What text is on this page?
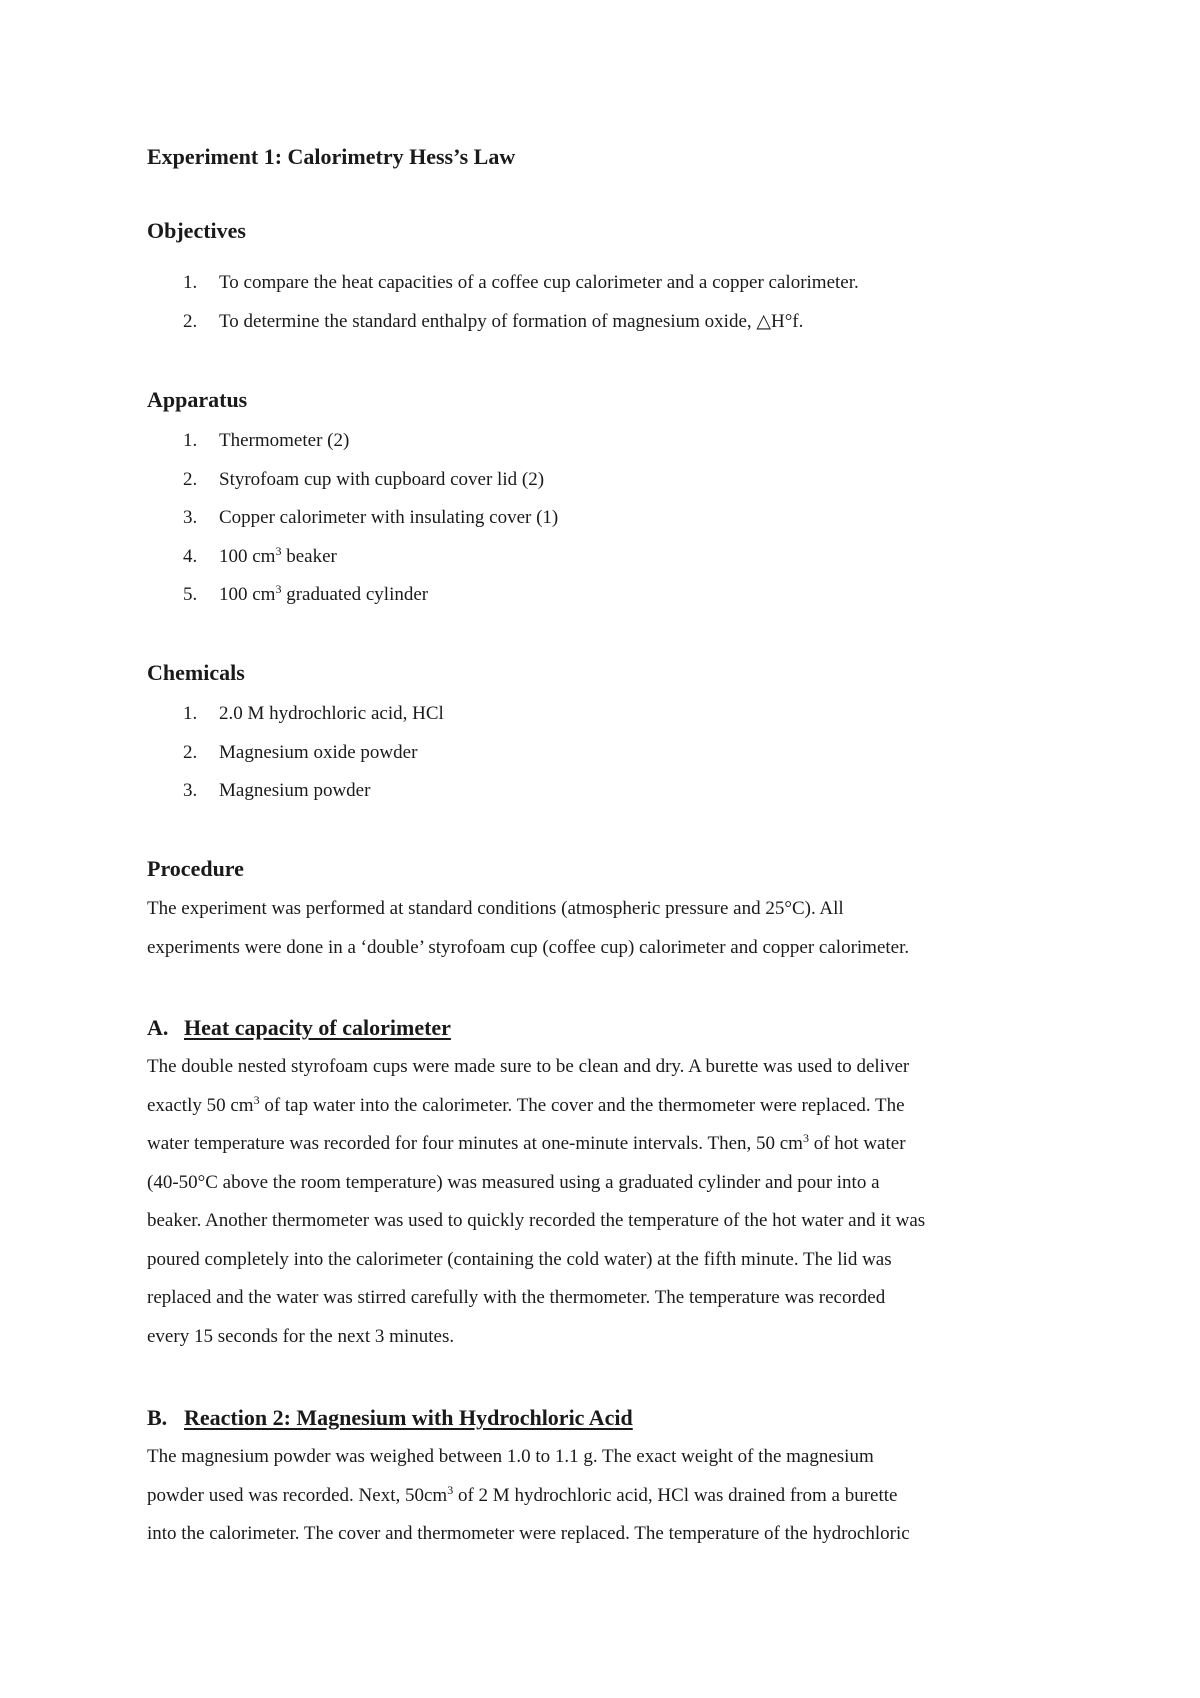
Experiment 1: Calorimetry Hess’s Law
Objectives
1. To compare the heat capacities of a coffee cup calorimeter and a copper calorimeter.
2. To determine the standard enthalpy of formation of magnesium oxide, △H°f.
Apparatus
1. Thermometer (2)
2. Styrofoam cup with cupboard cover lid (2)
3. Copper calorimeter with insulating cover (1)
4. 100 $cm^3$ beaker
5. 100 $cm^3$ graduated cylinder
Chemicals
1. 2.0 M hydrochloric acid, HCl
2. Magnesium oxide powder
3. Magnesium powder
Procedure

The experiment was performed at standard conditions (atmospheric pressure and 25°C). All
experiments were done in a ‘double’ styrofoam cup (coffee cup) calorimeter and copper calorimeter.

A. Heat capacity of calorimeter

The double nested styrofoam cups were made sure to be clean and dry. A burette was used to deliver
exactly 50 $cm^3$ of tap water into the calorimeter. The cover and the thermometer were replaced. The
water temperature was recorded for four minutes at one-minute intervals. Then, 50 $cm^3$ of hot water
(40-50°C above the room temperature) was measured using a graduated cylinder and pour into a
beaker. Another thermometer was used to quickly recorded the temperature of the hot water and it was
poured completely into the calorimeter (containing the cold water) at the fifth minute. The lid was
replaced and the water was stirred carefully with the thermometer. The temperature was recorded
every 15 seconds for the next 3 minutes.

B. Reaction 2: Magnesium with Hydrochloric Acid

The magnesium powder was weighed between 1.0 to 1.1 g. The exact weight of the magnesium
powder used was recorded. Next, $50cm^3$ of 2 M hydrochloric acid, HCl was drained from a burette
into the calorimeter. The cover and thermometer were replaced. The temperature of the hydrochloric
